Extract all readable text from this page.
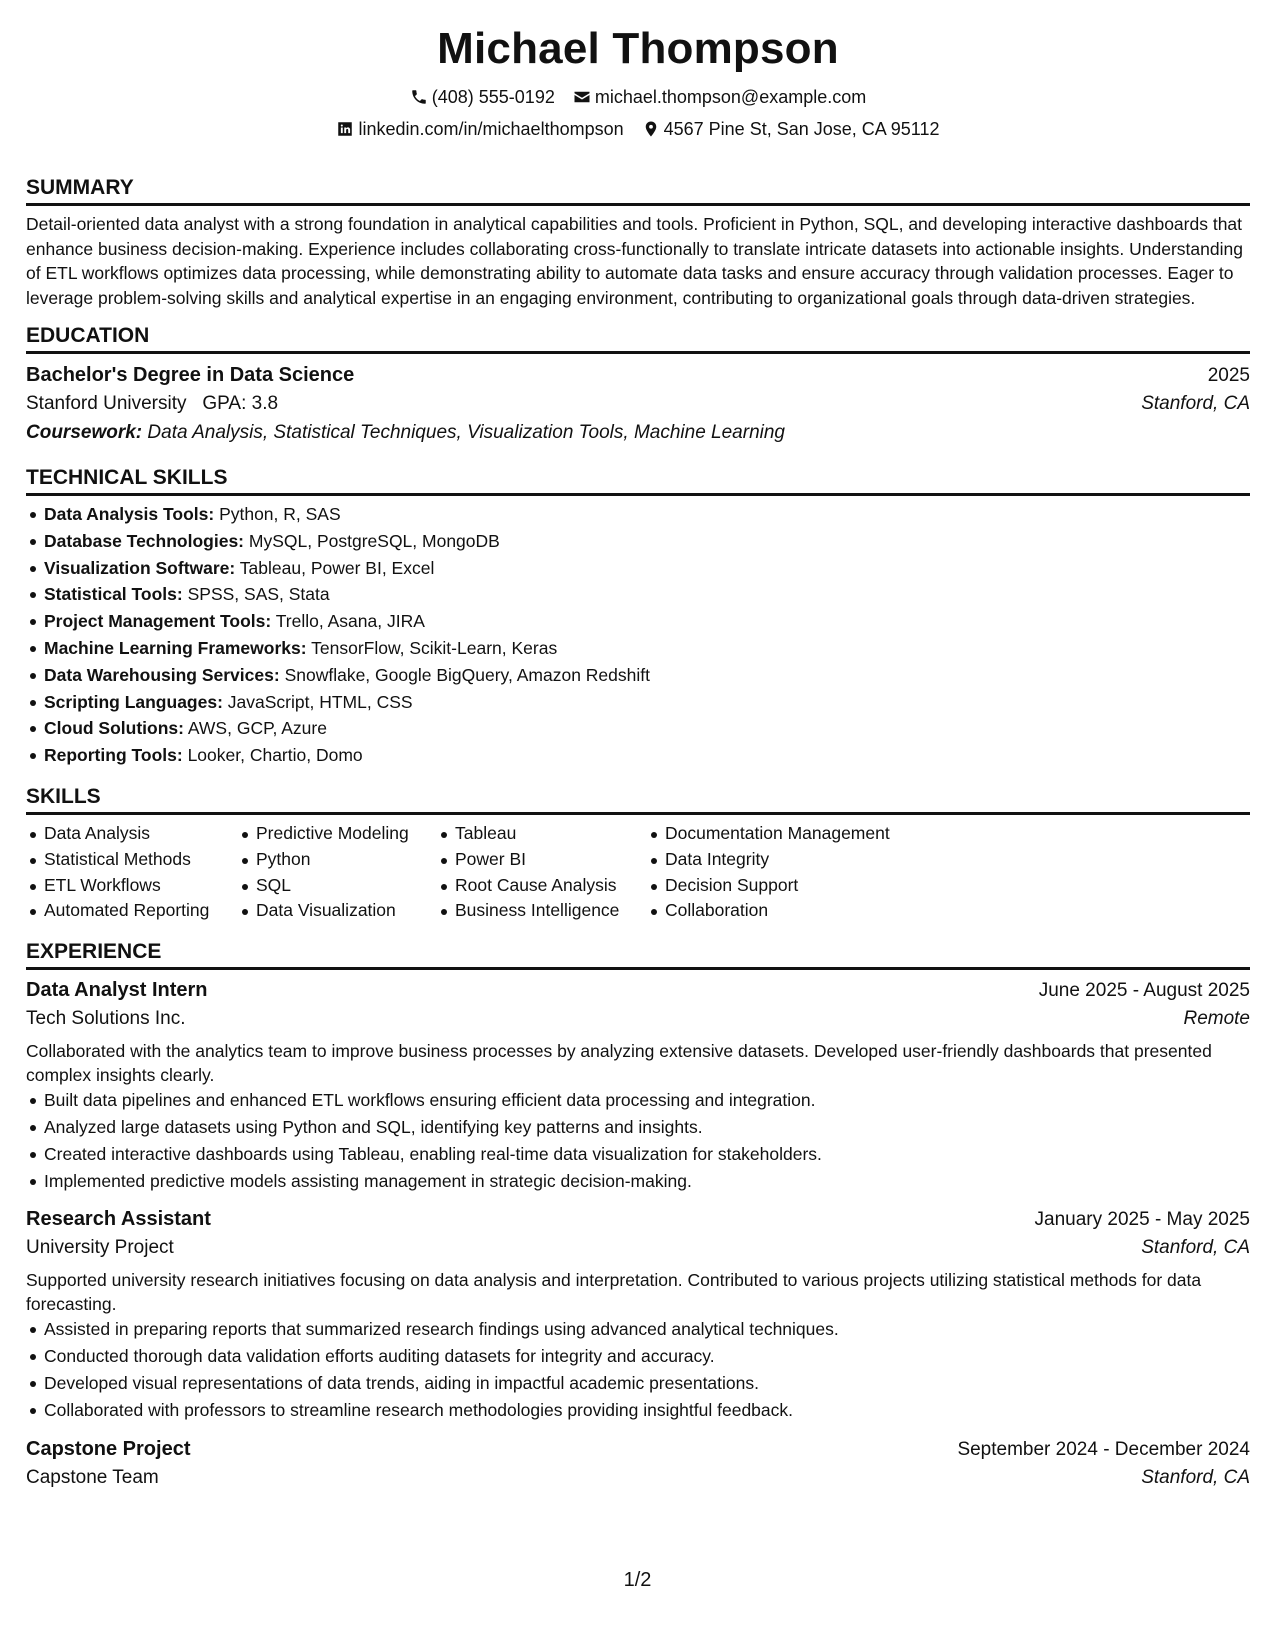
Michael Thompson
(408) 555-0192 michael.thompson@example.com
linkedin.com/in/michaelthompson 4567 Pine St, San Jose, CA 95112
SUMMARY

Detail-oriented data analyst with a strong foundation in analytical capabilities and tools. Proficient in Python, SQL, and developing interactive dashboards that enhance business decision-making. Experience includes collaborating cross-functionally to translate intricate datasets into actionable insights. Understanding of ETL workflows optimizes data processing, while demonstrating ability to automate data tasks and ensure accuracy through validation processes. Eager to leverage problem-solving skills and analytical expertise in an engaging environment, contributing to organizational goals through data-driven strategies.

EDUCATION
Bachelor's Degree in Data Science	2025
Stanford University GPA: 3.8	Stanford, CA
Coursework: Data Analysis, Statistical Techniques, Visualization Tools, Machine Learning
TECHNICAL SKILLS
Data Analysis Tools: Python, R, SAS
Database Technologies: MySQL, PostgreSQL, MongoDB
Visualization Software: Tableau, Power BI, Excel
Statistical Tools: SPSS, SAS, Stata
Project Management Tools: Trello, Asana, JIRA
Machine Learning Frameworks: TensorFlow, Scikit-Learn, Keras
Data Warehousing Services: Snowflake, Google BigQuery, Amazon Redshift
Scripting Languages: JavaScript, HTML, CSS
Cloud Solutions: AWS, GCP, Azure
Reporting Tools: Looker, Chartio, Domo
SKILLS
Data Analysis
Statistical Methods
ETL Workflows
Automated Reporting
Predictive Modeling
Python
SQL
Data Visualization
Tableau
Power BI
Root Cause Analysis
Business Intelligence
Documentation Management
Data Integrity
Decision Support
Collaboration
EXPERIENCE
Data Analyst Intern	June 2025 - August 2025
Tech Solutions Inc.	Remote

Collaborated with the analytics team to improve business processes by analyzing extensive datasets. Developed user-friendly dashboards that presented complex insights clearly.

Built data pipelines and enhanced ETL workflows ensuring efficient data processing and integration.
Analyzed large datasets using Python and SQL, identifying key patterns and insights.
Created interactive dashboards using Tableau, enabling real-time data visualization for stakeholders.
Implemented predictive models assisting management in strategic decision-making.
Research Assistant	January 2025 - May 2025
University Project	Stanford, CA

Supported university research initiatives focusing on data analysis and interpretation. Contributed to various projects utilizing statistical methods for data forecasting.

Assisted in preparing reports that summarized research findings using advanced analytical techniques.
Conducted thorough data validation efforts auditing datasets for integrity and accuracy.
Developed visual representations of data trends, aiding in impactful academic presentations.
Collaborated with professors to streamline research methodologies providing insightful feedback.
Capstone Project	September 2024 - December 2024
Capstone Team	Stanford, CA
1/2
